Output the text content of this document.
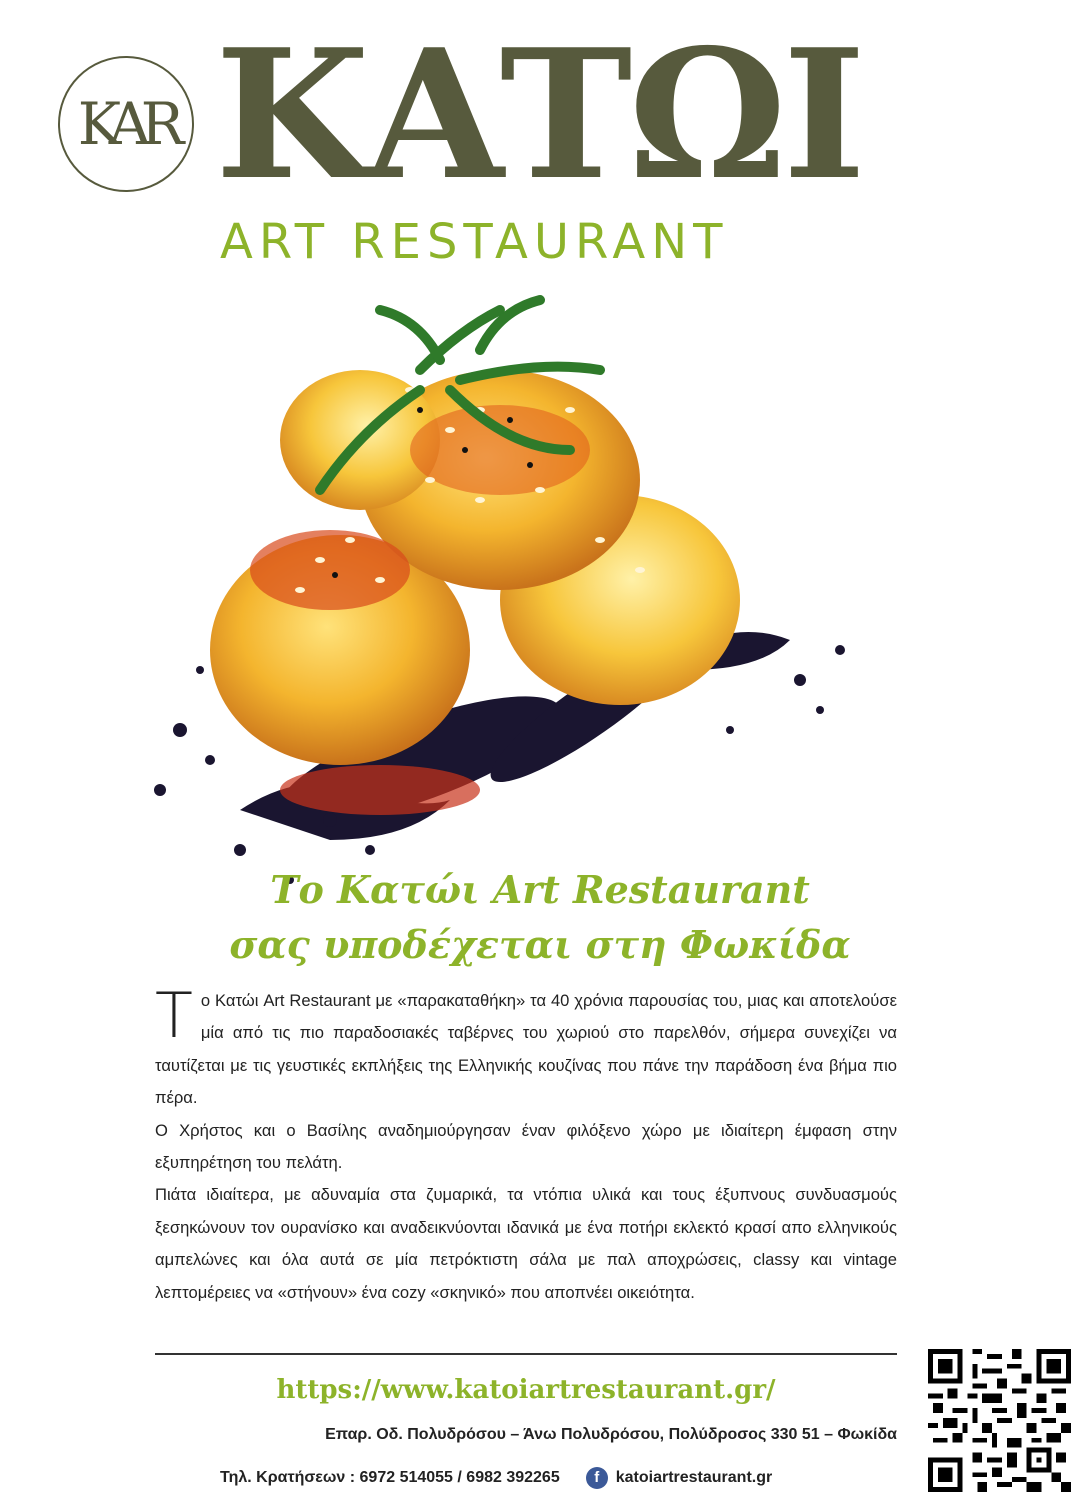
KAR ΚΑΤΩΙ
ART RESTAURANT
Το Κατώι Art Restaurant
σας υποδέχεται στη Φωκίδα

Το Κατώι Art Restaurant με «παρακαταθήκη» τα 40 χρόνια παρουσίας του, μιας και αποτελούσε μία από τις πιο παραδοσιακές ταβέρνες του χωριού στο παρελθόν, σήμερα συνεχίζει να ταυτίζεται με τις γευστικές εκπλήξεις της Ελληνικής κουζίνας που πάνε την παράδοση ένα βήμα πιο πέρα.

Ο Χρήστος και ο Βασίλης αναδημιούργησαν έναν φιλόξενο χώρο με ιδιαίτερη έμφαση στην εξυπηρέτηση του πελάτη.

Πιάτα ιδιαίτερα, με αδυναμία στα ζυμαρικά, τα ντόπια υλικά και τους έξυπνους συνδυασμούς ξεσηκώνουν τον ουρανίσκο και αναδεικνύονται ιδανικά με ένα ποτήρι εκλεκτό κρασί απο ελληνικούς αμπελώνες και όλα αυτά σε μία πετρόκτιστη σάλα με παλ αποχρώσεις, classy και vintage λεπτομέρειες να «στήνουν» ένα cozy «σκηνικό» που αποπνέει οικειότητα.

https://www.katoiartrestaurant.gr/
Επαρ. Οδ. Πολυδρόσου – Άνω Πολυδρόσου, Πολύδροσος 330 51 – Φωκίδα
Τηλ. Κρατήσεων : 6972 514055 / 6982 392265	f	katoiartrestaurant.gr
